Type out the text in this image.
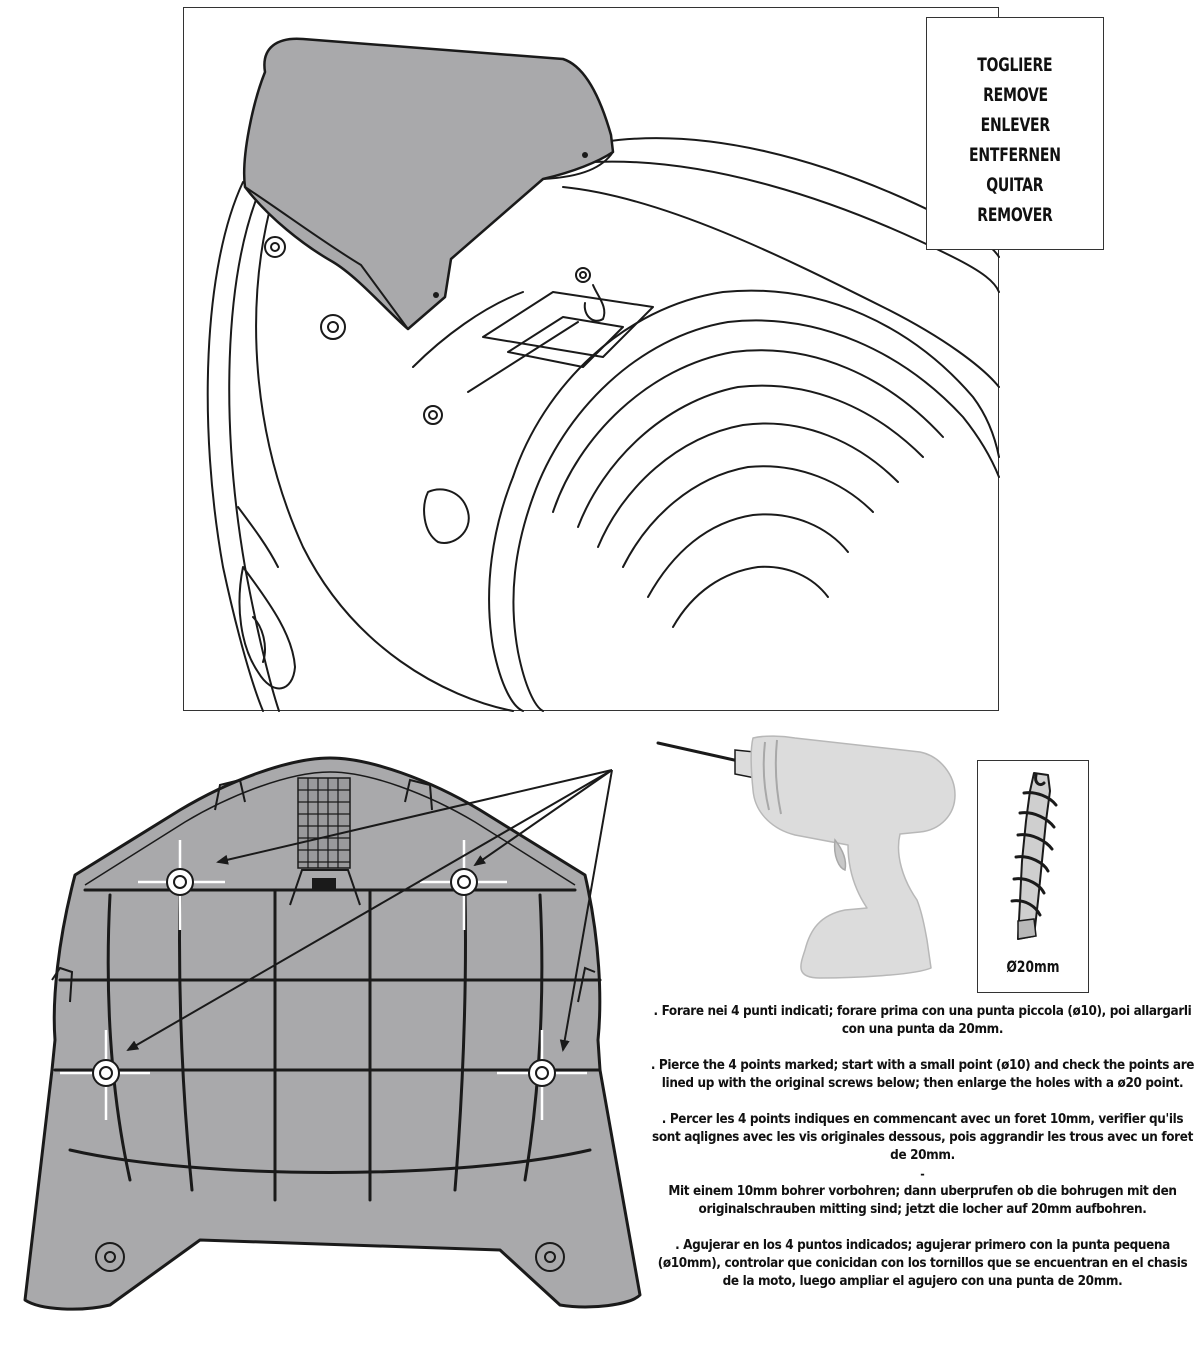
TOGLIERE
REMOVE
ENLEVER
ENTFERNEN
QUITAR
REMOVER
Ø20mm

. Forare nei 4 punti indicati; forare prima con una punta piccola (ø10), poi allargarli con una punta da 20mm.

. Pierce the 4 points marked; start with a small point (ø10) and check the points are lined up with the original screws below; then enlarge the holes with a ø20 point.

. Percer les 4 points indiques en commencant avec un foret 10mm, verifier qu'ils sont aqlignes avec les vis originales dessous, pois aggrandir les trous avec un foret de 20mm.

-

Mit einem 10mm bohrer vorbohren; dann uberprufen ob die bohrugen mit den originalschrauben mitting sind; jetzt die locher auf 20mm aufbohren.

. Agujerar en los 4 puntos indicados; agujerar primero con la punta pequena (ø10mm), controlar que conicidan con los tornillos que se encuentran en el chasis de la moto, luego ampliar el agujero con una punta de 20mm.
